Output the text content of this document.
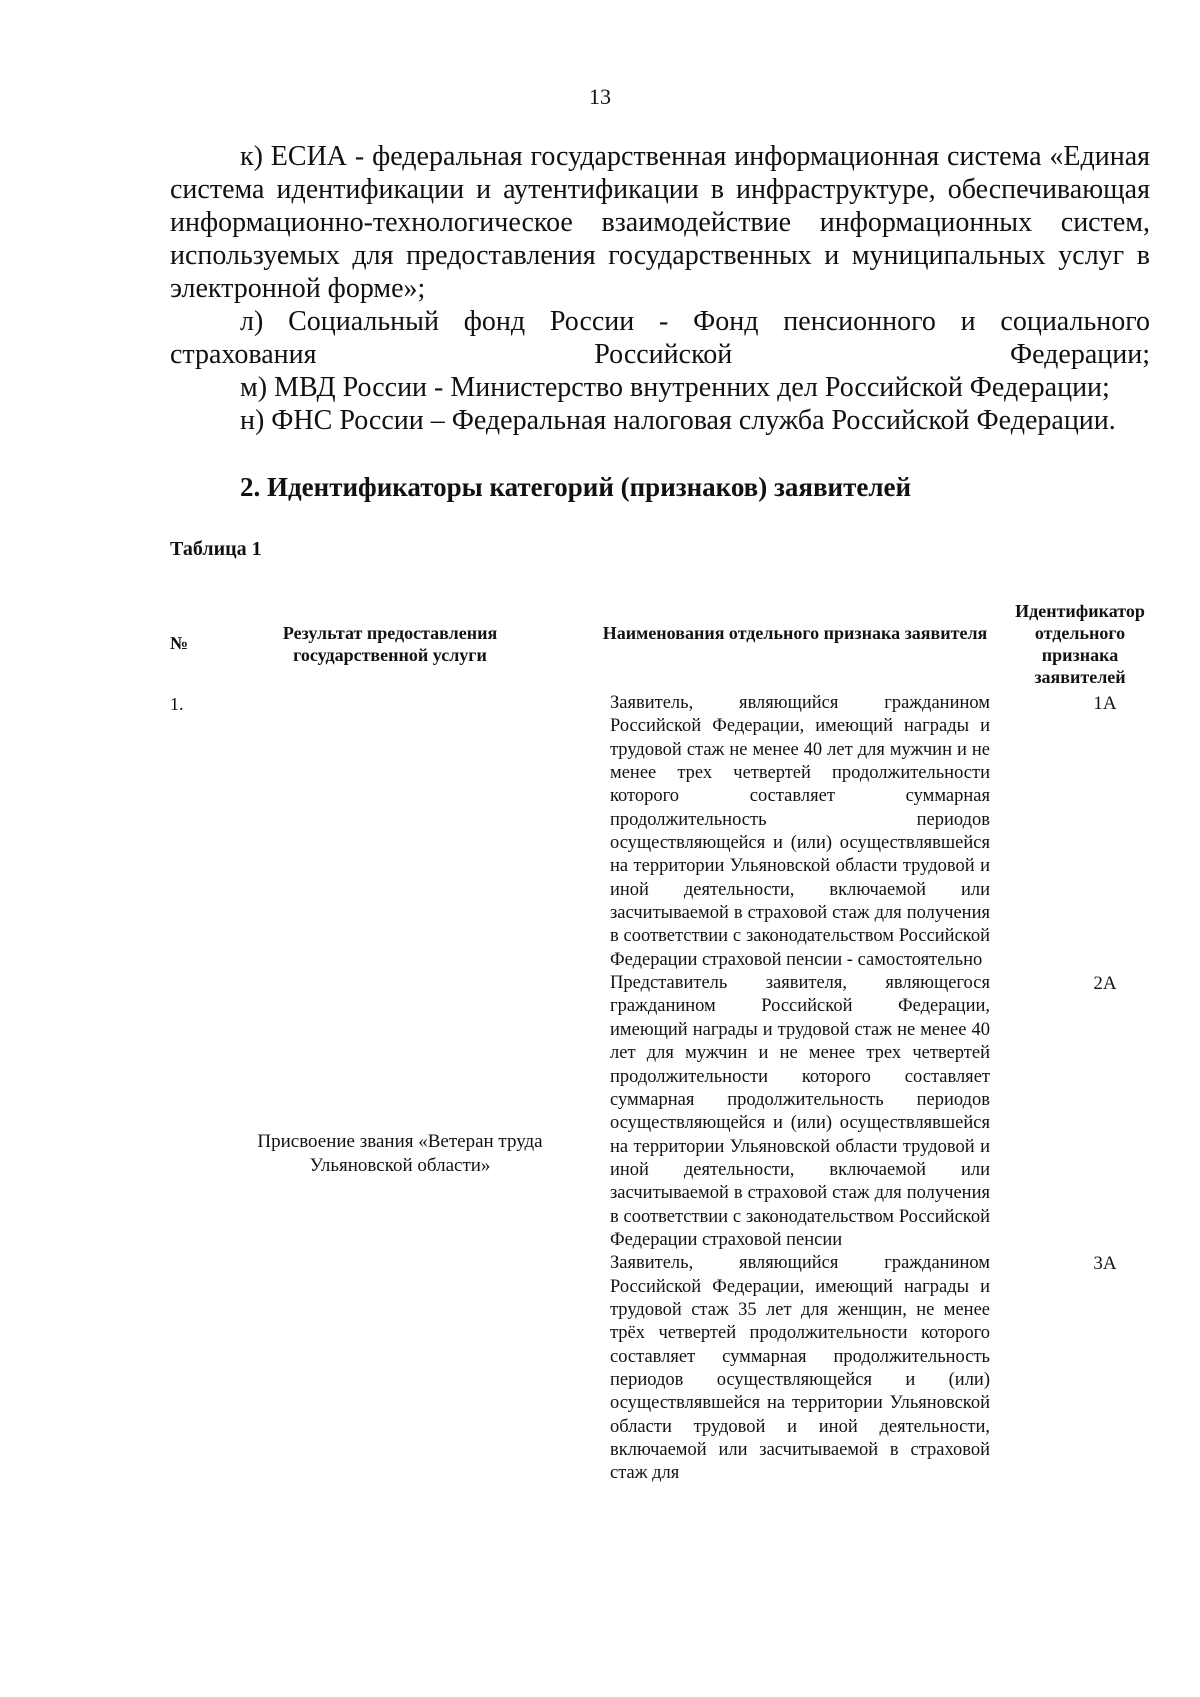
13

к) ЕСИА - федеральная государственная информационная система «Единая система идентификации и аутентификации в инфраструктуре, обеспечивающая информационно-технологическое взаимодействие информационных систем, используемых для предоставления государственных и муниципальных услуг в электронной форме»;

л) Социальный фонд России - Фонд пенсионного и социального страхования Российской Федерации;

м) МВД России - Министерство внутренних дел Российской Федерации;

н) ФНС России – Федеральная налоговая служба Российской Федерации.

2. Идентификаторы категорий (признаков) заявителей
Таблица 1
№	Результат предоставления государственной услуги
Наименования отдельного признака заявителя
Идентификатор отдельного признака заявителей
1.
Присвоение звания «Ветеран труда Ульяновской области»
Заявитель, являющийся гражданином Российской Федерации, имеющий награды и трудовой стаж не менее 40 лет для мужчин и не менее трех четвертей продолжительности которого составляет суммарная продолжительность периодов осуществляющейся и (или) осуществлявшейся на территории Ульяновской области трудовой и иной деятельности, включаемой или засчитываемой в страховой стаж для получения в соответствии с законодательством Российской Федерации страховой пенсии - самостоятельно
1А
Представитель заявителя, являющегося гражданином Российской Федерации, имеющий награды и трудовой стаж не менее 40 лет для мужчин и не менее трех четвертей продолжительности которого составляет суммарная продолжительность периодов осуществляющейся и (или) осуществлявшейся на территории Ульяновской области трудовой и иной деятельности, включаемой или засчитываемой в страховой стаж для получения в соответствии с законодательством Российской Федерации страховой пенсии
2А
Заявитель, являющийся гражданином Российской Федерации, имеющий награды и трудовой стаж 35 лет для женщин, не менее трёх четвертей продолжительности которого составляет суммарная продолжительность периодов осуществляющейся и (или) осуществлявшейся на территории Ульяновской области трудовой и иной деятельности, включаемой или засчитываемой в страховой стаж для
3А
